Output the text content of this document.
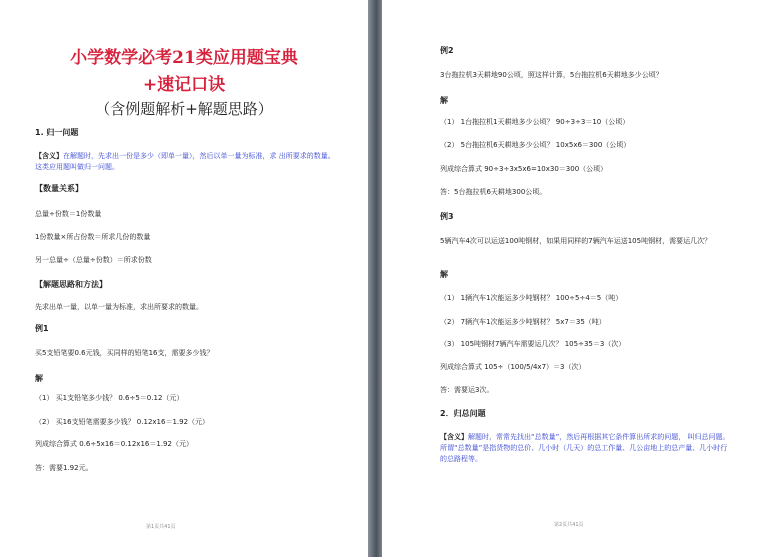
小学数学必考21类应用题宝典
+速记口诀
（含例题解析+解题思路）
1. 归一问题
【含义】在解题时，先求出一份是多少（即单一量），然后以单一量为标准，求 出所要求的数量。这类应用题叫做归一问题。
【数量关系】
总量÷份数＝1份数量
1份数量×所占份数＝所求几份的数量
另一总量÷（总量÷份数）＝所求份数
【解题思路和方法】
先求出单一量，以单一量为标准，求出所要求的数量。
例1
买5支铅笔要0.6元钱，买同样的铅笔16支，需要多少钱？
解
（1） 买1支铅笔多少钱？ 0.6÷5＝0.12（元）
（2） 买16支铅笔需要多少钱？ 0.12x16＝1.92（元）
列成综合算式 0.6÷5x16＝0.12x16＝1.92（元）
答：需要1.92元。
第1页共41页
例2
3台拖拉机3天耕地90公顷，照这样计算，5台拖拉机6天耕地多少公顷？
解
（1） 1台拖拉机1天耕地多少公顷？ 90÷3÷3＝10（公顷）
（2） 5台拖拉机6天耕地多少公顷？ 10x5x6＝300（公顷）
列成综合算式 90÷3÷3x5x6=10x30＝300（公顷）
答：5台拖拉机6天耕地300公顷。
例3
5辆汽车4次可以运送100吨钢材，如果用同样的7辆汽车运送105吨钢材，需要运几次？
解
（1） 1辆汽车1次能运多少吨钢材？ 100÷5÷4＝5（吨）
（2） 7辆汽车1次能运多少吨钢材？ 5x7＝35（吨）
（3） 105吨钢材7辆汽车需要运几次？ 105÷35＝3（次）
列成综合算式 105÷（100/5/4x7）＝3（次）
答：需要运3次。
2．归总问题
【含义】解题时，常常先找出“总数量”，然后再根据其它条件算出所求的问题， 叫归总问题。所谓“总数量”是指货物的总价、几小时（几天）的总工作量、几公亩地上的总产量、几小时行的总路程等。
第2页共41页
